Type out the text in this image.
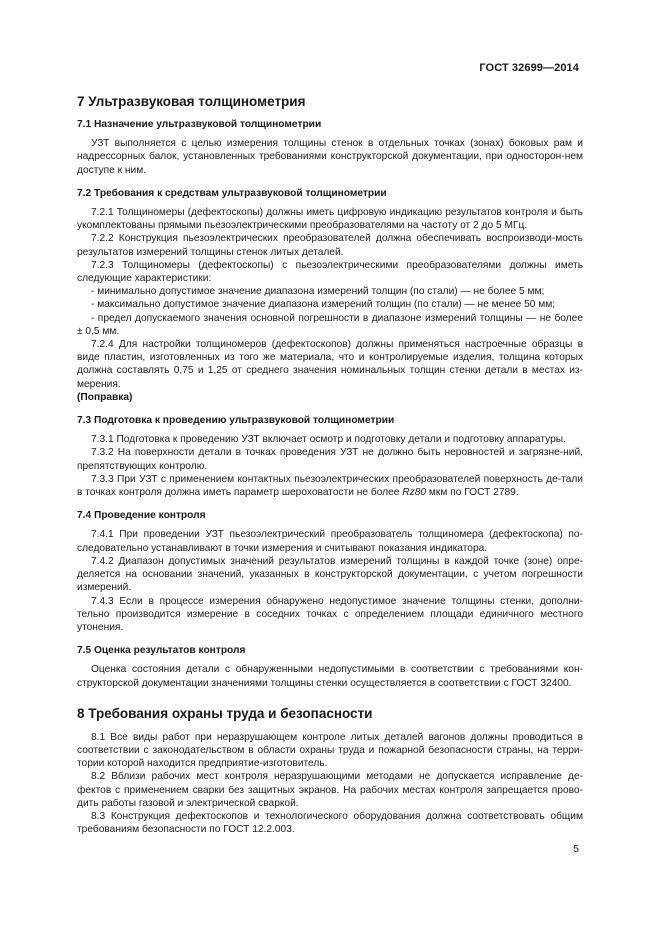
ГОСТ 32699—2014
7 Ультразвуковая толщинометрия
7.1 Назначение ультразвуковой толщинометрии

УЗТ выполняется с целью измерения толщины стенок в отдельных точках (зонах) боковых рам и надрессорных балок, установленных требованиями конструкторской документации, при односторон-нем доступе к ним.

7.2 Требования к средствам ультразвуковой толщинометрии

7.2.1 Толщиномеры (дефектоскопы) должны иметь цифровую индикацию результатов контроля и быть укомплектованы прямыми пьезоэлектрическими преобразователями на частоту от 2 до 5 МГц.

7.2.2 Конструкция пьезоэлектрических преобразователей должна обеспечивать воспроизводи-мость результатов измерений толщины стенок литых деталей.

7.2.3 Толщиномеры (дефектоскопы) с пьезоэлектрическими преобразователями должны иметь следующие характеристики:

- минимально допустимое значение диапазона измерений толщин (по стали) — не более 5 мм;

- максимально допустимое значение диапазона измерений толщин (по стали) — не менее 50 мм;

- предел допускаемого значения основной погрешности в диапазоне измерений толщины — не более ± 0,5 мм.

7.2.4 Для настройки толщиномеров (дефектоскопов) должны применяться настроечные образцы в виде пластин, изготовленных из того же материала, что и контролируемые изделия, толщина которых должна составлять 0,75 и 1,25 от среднего значения номинальных толщин стенки детали в местах из-мерения.

(Поправка)

7.3 Подготовка к проведению ультразвуковой толщинометрии

7.3.1 Подготовка к проведению УЗТ включает осмотр и подготовку детали и подготовку аппаратуры.

7.3.2 На поверхности детали в точках проведения УЗТ не должно быть неровностей и загрязне-ний, препятствующих контролю.

7.3.3 При УЗТ с применением контактных пьезоэлектрических преобразователей поверхность де-тали в точках контроля должна иметь параметр шероховатости не более Rz80 мкм по ГОСТ 2789.

7.4 Проведение контроля

7.4.1 При проведении УЗТ пьезоэлектрический преобразователь толщиномера (дефектоскопа) по-следовательно устанавливают в точки измерения и считывают показания индикатора.

7.4.2 Диапазон допустимых значений результатов измерений толщины в каждой точке (зоне) опре-деляется на основании значений, указанных в конструкторской документации, с учетом погрешности измерений.

7.4.3 Если в процессе измерения обнаружено недопустимое значение толщины стенки, дополни-тельно производится измерение в соседних точках с определением площади единичного местного утонения.

7.5 Оценка результатов контроля

Оценка состояния детали с обнаруженными недопустимыми в соответствии с требованиями кон-структорской документации значениями толщины стенки осуществляется в соответствии с ГОСТ 32400.

8 Требования охраны труда и безопасности

8.1 Все виды работ при неразрушающем контроле литых деталей вагонов должны проводиться в соответствии с законодательством в области охраны труда и пожарной безопасности страны, на терри-тории которой находится предприятие-изготовитель.

8.2 Вблизи рабочих мест контроля неразрушающими методами не допускается исправление де-фектов с применением сварки без защитных экранов. На рабочих местах контроля запрещается прово-дить работы газовой и электрической сваркой.

8.3 Конструкция дефектоскопов и технологического оборудования должна соответствовать общим требованиям безопасности по ГОСТ 12.2.003.

5
